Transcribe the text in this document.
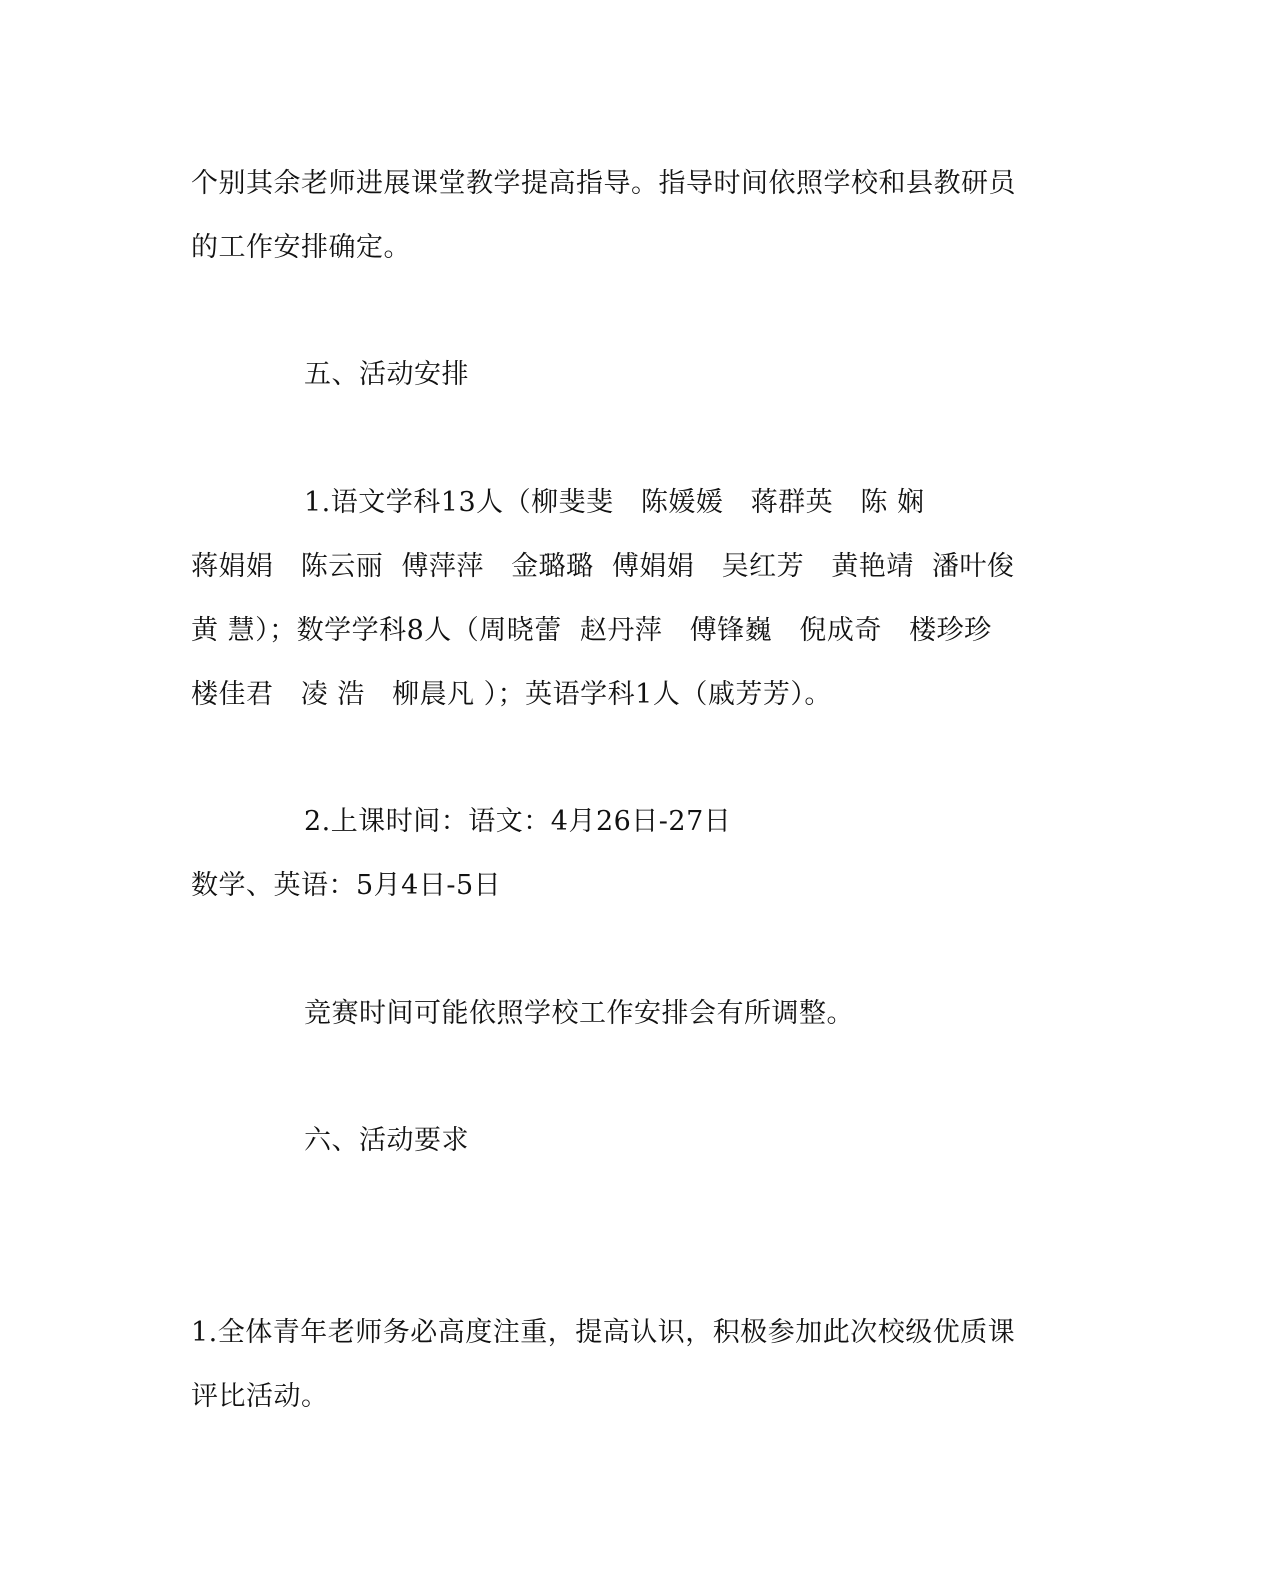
个别其余老师进展课堂教学提高指导。指导时间依照学校和县教研员
的工作安排确定。
五、活动安排
1.语文学科13人（柳斐斐   陈媛媛   蒋群英   陈 娴
蒋娟娟   陈云丽  傅萍萍   金璐璐  傅娟娟   吴红芳   黄艳靖  潘叶俊
黄 慧）；数学学科8人（周晓蕾  赵丹萍   傅锋巍   倪成奇   楼珍珍
楼佳君   凌 浩   柳晨凡 ）；英语学科1人（戚芳芳）。
2.上课时间：语文：4月26日-27日
数学、英语：5月4日-5日
竞赛时间可能依照学校工作安排会有所调整。
六、活动要求
1.全体青年老师务必高度注重，提高认识，积极参加此次校级优质课
评比活动。
